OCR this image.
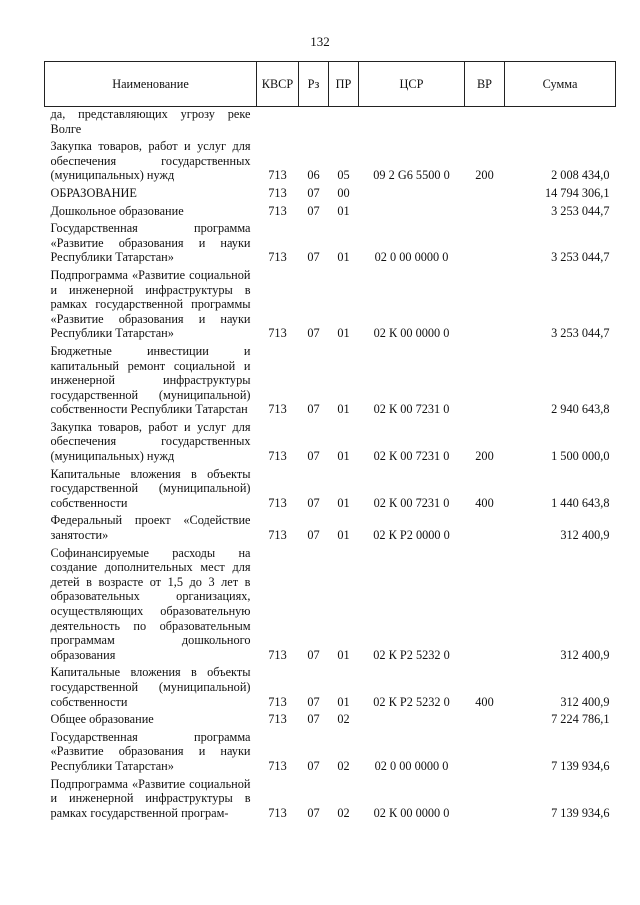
132
Наименование	КВСР	Рз	ПР	ЦСР	ВР	Сумма
да, представляющих угрозу реке Волге						
Закупка товаров, работ и услуг для обеспечения государственных (муниципальных) нужд	713	06	05	09 2 G6 5500 0	200	2 008 434,0
ОБРАЗОВАНИЕ	713	07	00			14 794 306,1
Дошкольное образование	713	07	01			3 253 044,7
Государственная программа «Развитие образования и науки Республики Татарстан»	713	07	01	02 0 00 0000 0		3 253 044,7
Подпрограмма «Развитие социальной и инженерной инфраструктуры в рамках государственной программы «Развитие образования и науки Республики Татарстан»	713	07	01	02 К 00 0000 0		3 253 044,7
Бюджетные инвестиции и капитальный ремонт социальной и инженерной инфраструктуры государственной (муниципальной) собственности Республики Татарстан	713	07	01	02 К 00 7231 0		2 940 643,8
Закупка товаров, работ и услуг для обеспечения государственных (муниципальных) нужд	713	07	01	02 К 00 7231 0	200	1 500 000,0
Капитальные вложения в объекты государственной (муниципальной) собственности	713	07	01	02 К 00 7231 0	400	1 440 643,8
Федеральный проект «Содействие занятости»	713	07	01	02 К P2 0000 0		312 400,9
Софинансируемые расходы на создание дополнительных мест для детей в возрасте от 1,5 до 3 лет в образовательных организациях, осуществляющих образовательную деятельность по образовательным программам дошкольного образования	713	07	01	02 К P2 5232 0		312 400,9
Капитальные вложения в объекты государственной (муниципальной) собственности	713	07	01	02 К P2 5232 0	400	312 400,9
Общее образование	713	07	02			7 224 786,1
Государственная программа «Развитие образования и науки Республики Татарстан»	713	07	02	02 0 00 0000 0		7 139 934,6
Подпрограмма «Развитие социальной и инженерной инфраструктуры в рамках государственной програм-	713	07	02	02 К 00 0000 0		7 139 934,6
